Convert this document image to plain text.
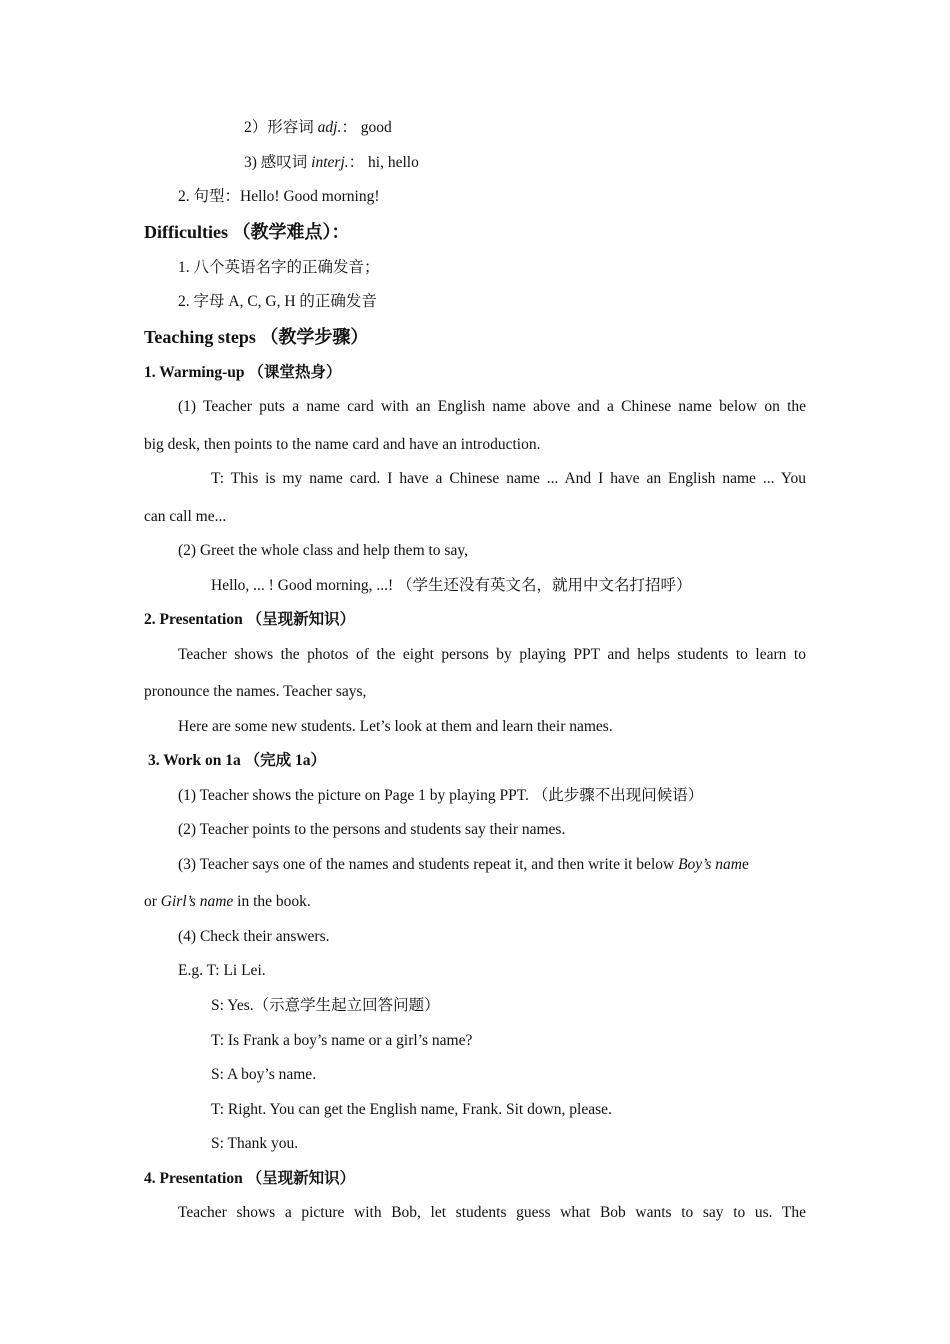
2）形容词 adj.： good
3) 感叹词 interj.： hi, hello
2. 句型：Hello! Good morning!
Difficulties （教学难点）：
1. 八个英语名字的正确发音；
2. 字母 A, C, G, H 的正确发音
Teaching steps （教学步骤）
1. Warming-up （课堂热身）
(1) Teacher puts a name card with an English name above and a Chinese name below on the
big desk, then points to the name card and have an introduction.
T: This is my name card. I have a Chinese name ... And I have an English name ... You
can call me...
(2) Greet the whole class and help them to say,
Hello, ... ! Good morning, ...! （学生还没有英文名，就用中文名打招呼）
2. Presentation （呈现新知识）
Teacher shows the photos of the eight persons by playing PPT and helps students to learn to
pronounce the names. Teacher says,
Here are some new students. Let’s look at them and learn their names.
3. Work on 1a （完成 1a）
(1) Teacher shows the picture on Page 1 by playing PPT. （此步骤不出现问候语）
(2) Teacher points to the persons and students say their names.
(3) Teacher says one of the names and students repeat it, and then write it below Boy’s name
or Girl’s name in the book.
(4) Check their answers.
E.g. T: Li Lei.
S: Yes.（示意学生起立回答问题）
T: Is Frank a boy’s name or a girl’s name?
S: A boy’s name.
T: Right. You can get the English name, Frank. Sit down, please.
S: Thank you.
4. Presentation （呈现新知识）
Teacher shows a picture with Bob, let students guess what Bob wants to say to us. The
